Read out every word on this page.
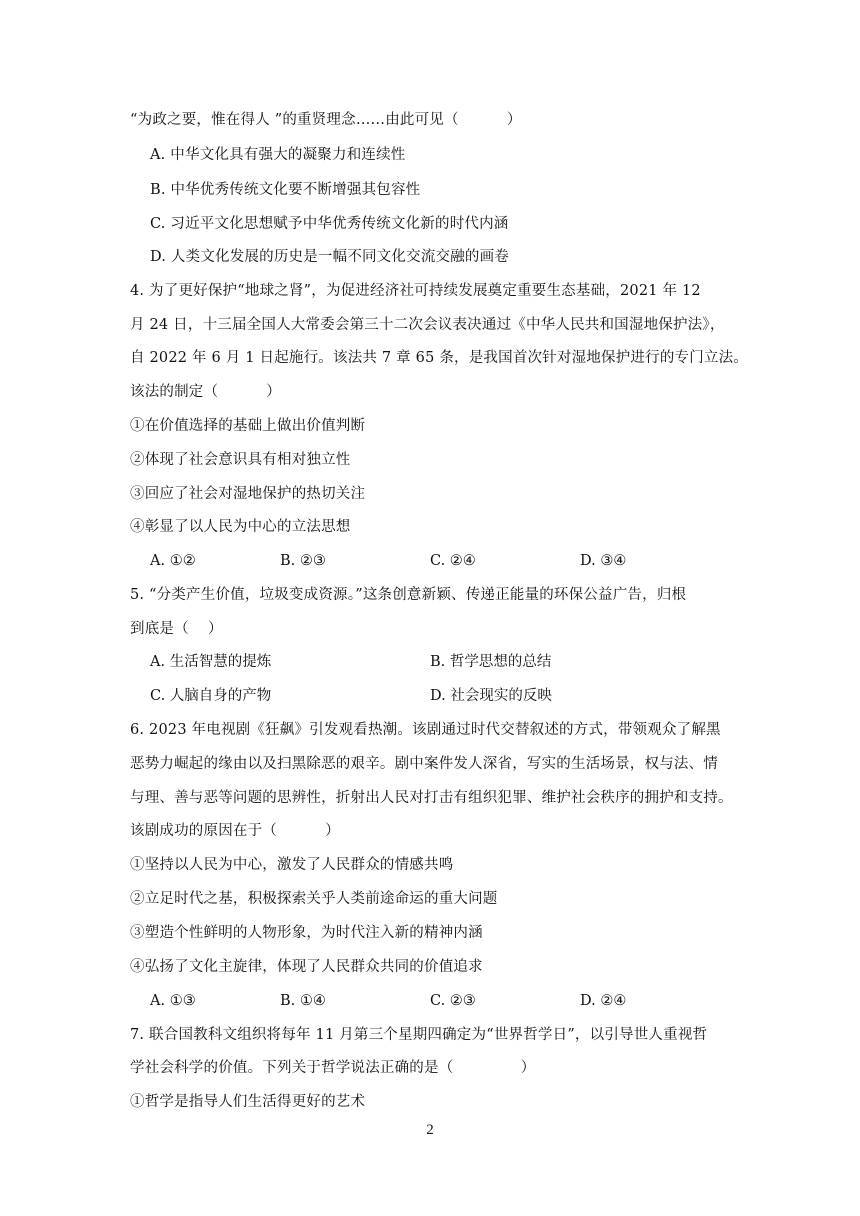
“为政之要，惟在得人 ”的重贤理念……由此可见（          ）
A. 中华文化具有强大的凝聚力和连续性
B. 中华优秀传统文化要不断增强其包容性
C. 习近平文化思想赋予中华优秀传统文化新的时代内涵
D. 人类文化发展的历史是一幅不同文化交流交融的画卷
4. 为了更好保护“地球之肾”，为促进经济社可持续发展奠定重要生态基础，2021 年 12
月 24 日，十三届全国人大常委会第三十二次会议表决通过《中华人民共和国湿地保护法》，
自 2022 年 6 月 1 日起施行。该法共 7 章 65 条，是我国首次针对湿地保护进行的专门立法。
该法的制定（          ）
①在价值选择的基础上做出价值判断
②体现了社会意识具有相对独立性
③回应了社会对湿地保护的热切关注
④彰显了以人民为中心的立法思想
A. ①②	B. ②③	C. ②④	D. ③④
5. “分类产生价值，垃圾变成资源。”这条创意新颖、传递正能量的环保公益广告，归根
到底是（    ）
A. 生活智慧的提炼	B. 哲学思想的总结
C. 人脑自身的产物	D. 社会现实的反映
6. 2023 年电视剧《狂飙》引发观看热潮。该剧通过时代交替叙述的方式，带领观众了解黑
恶势力崛起的缘由以及扫黑除恶的艰辛。剧中案件发人深省，写实的生活场景，权与法、情
与理、善与恶等问题的思辨性，折射出人民对打击有组织犯罪、维护社会秩序的拥护和支持。
该剧成功的原因在于（          ）
①坚持以人民为中心，激发了人民群众的情感共鸣
②立足时代之基，积极探索关乎人类前途命运的重大问题
③塑造个性鲜明的人物形象，为时代注入新的精神内涵
④弘扬了文化主旋律，体现了人民群众共同的价值追求
A. ①③	B. ①④	C. ②③	D. ②④
7. 联合国教科文组织将每年 11 月第三个星期四确定为“世界哲学日”，以引导世人重视哲
学社会科学的价值。下列关于哲学说法正确的是（              ）
①哲学是指导人们生活得更好的艺术
2
